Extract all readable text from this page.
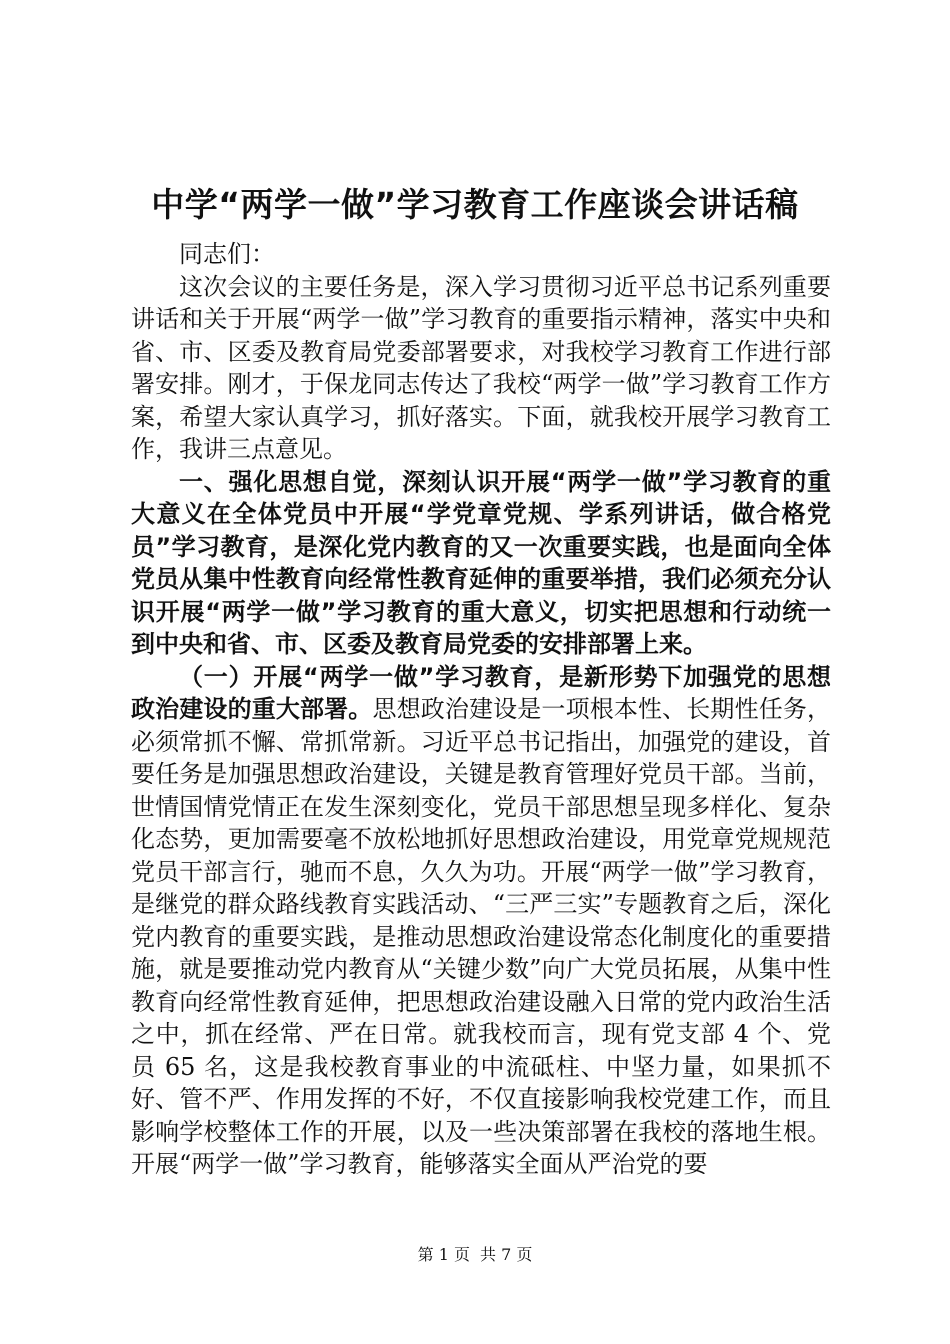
中学“两学一做”学习教育工作座谈会讲话稿

同志们：

这次会议的主要任务是，深入学习贯彻习近平总书记系列重要讲话和关于开展“两学一做”学习教育的重要指示精神，落实中央和省、市、区委及教育局党委部署要求，对我校学习教育工作进行部署安排。刚才，于保龙同志传达了我校“两学一做”学习教育工作方案，希望大家认真学习，抓好落实。下面，就我校开展学习教育工作，我讲三点意见。

一、强化思想自觉，深刻认识开展“两学一做”学习教育的重大意义在全体党员中开展“学党章党规、学系列讲话，做合格党员”学习教育，是深化党内教育的又一次重要实践，也是面向全体党员从集中性教育向经常性教育延伸的重要举措，我们必须充分认识开展“两学一做”学习教育的重大意义，切实把思想和行动统一到中央和省、市、区委及教育局党委的安排部署上来。

（一）开展“两学一做”学习教育，是新形势下加强党的思想政治建设的重大部署。思想政治建设是一项根本性、长期性任务，必须常抓不懈、常抓常新。习近平总书记指出，加强党的建设，首要任务是加强思想政治建设，关键是教育管理好党员干部。当前，世情国情党情正在发生深刻变化，党员干部思想呈现多样化、复杂化态势，更加需要毫不放松地抓好思想政治建设，用党章党规规范党员干部言行，驰而不息，久久为功。开展“两学一做”学习教育，是继党的群众路线教育实践活动、“三严三实”专题教育之后，深化党内教育的重要实践，是推动思想政治建设常态化制度化的重要措施，就是要推动党内教育从“关键少数”向广大党员拓展，从集中性教育向经常性教育延伸，把思想政治建设融入日常的党内政治生活之中，抓在经常、严在日常。就我校而言，现有党支部 4 个、党员 65 名，这是我校教育事业的中流砥柱、中坚力量，如果抓不好、管不严、作用发挥的不好，不仅直接影响我校党建工作，而且影响学校整体工作的开展，以及一些决策部署在我校的落地生根。开展“两学一做”学习教育，能够落实全面从严治党的要

第 1 页 共 7 页
